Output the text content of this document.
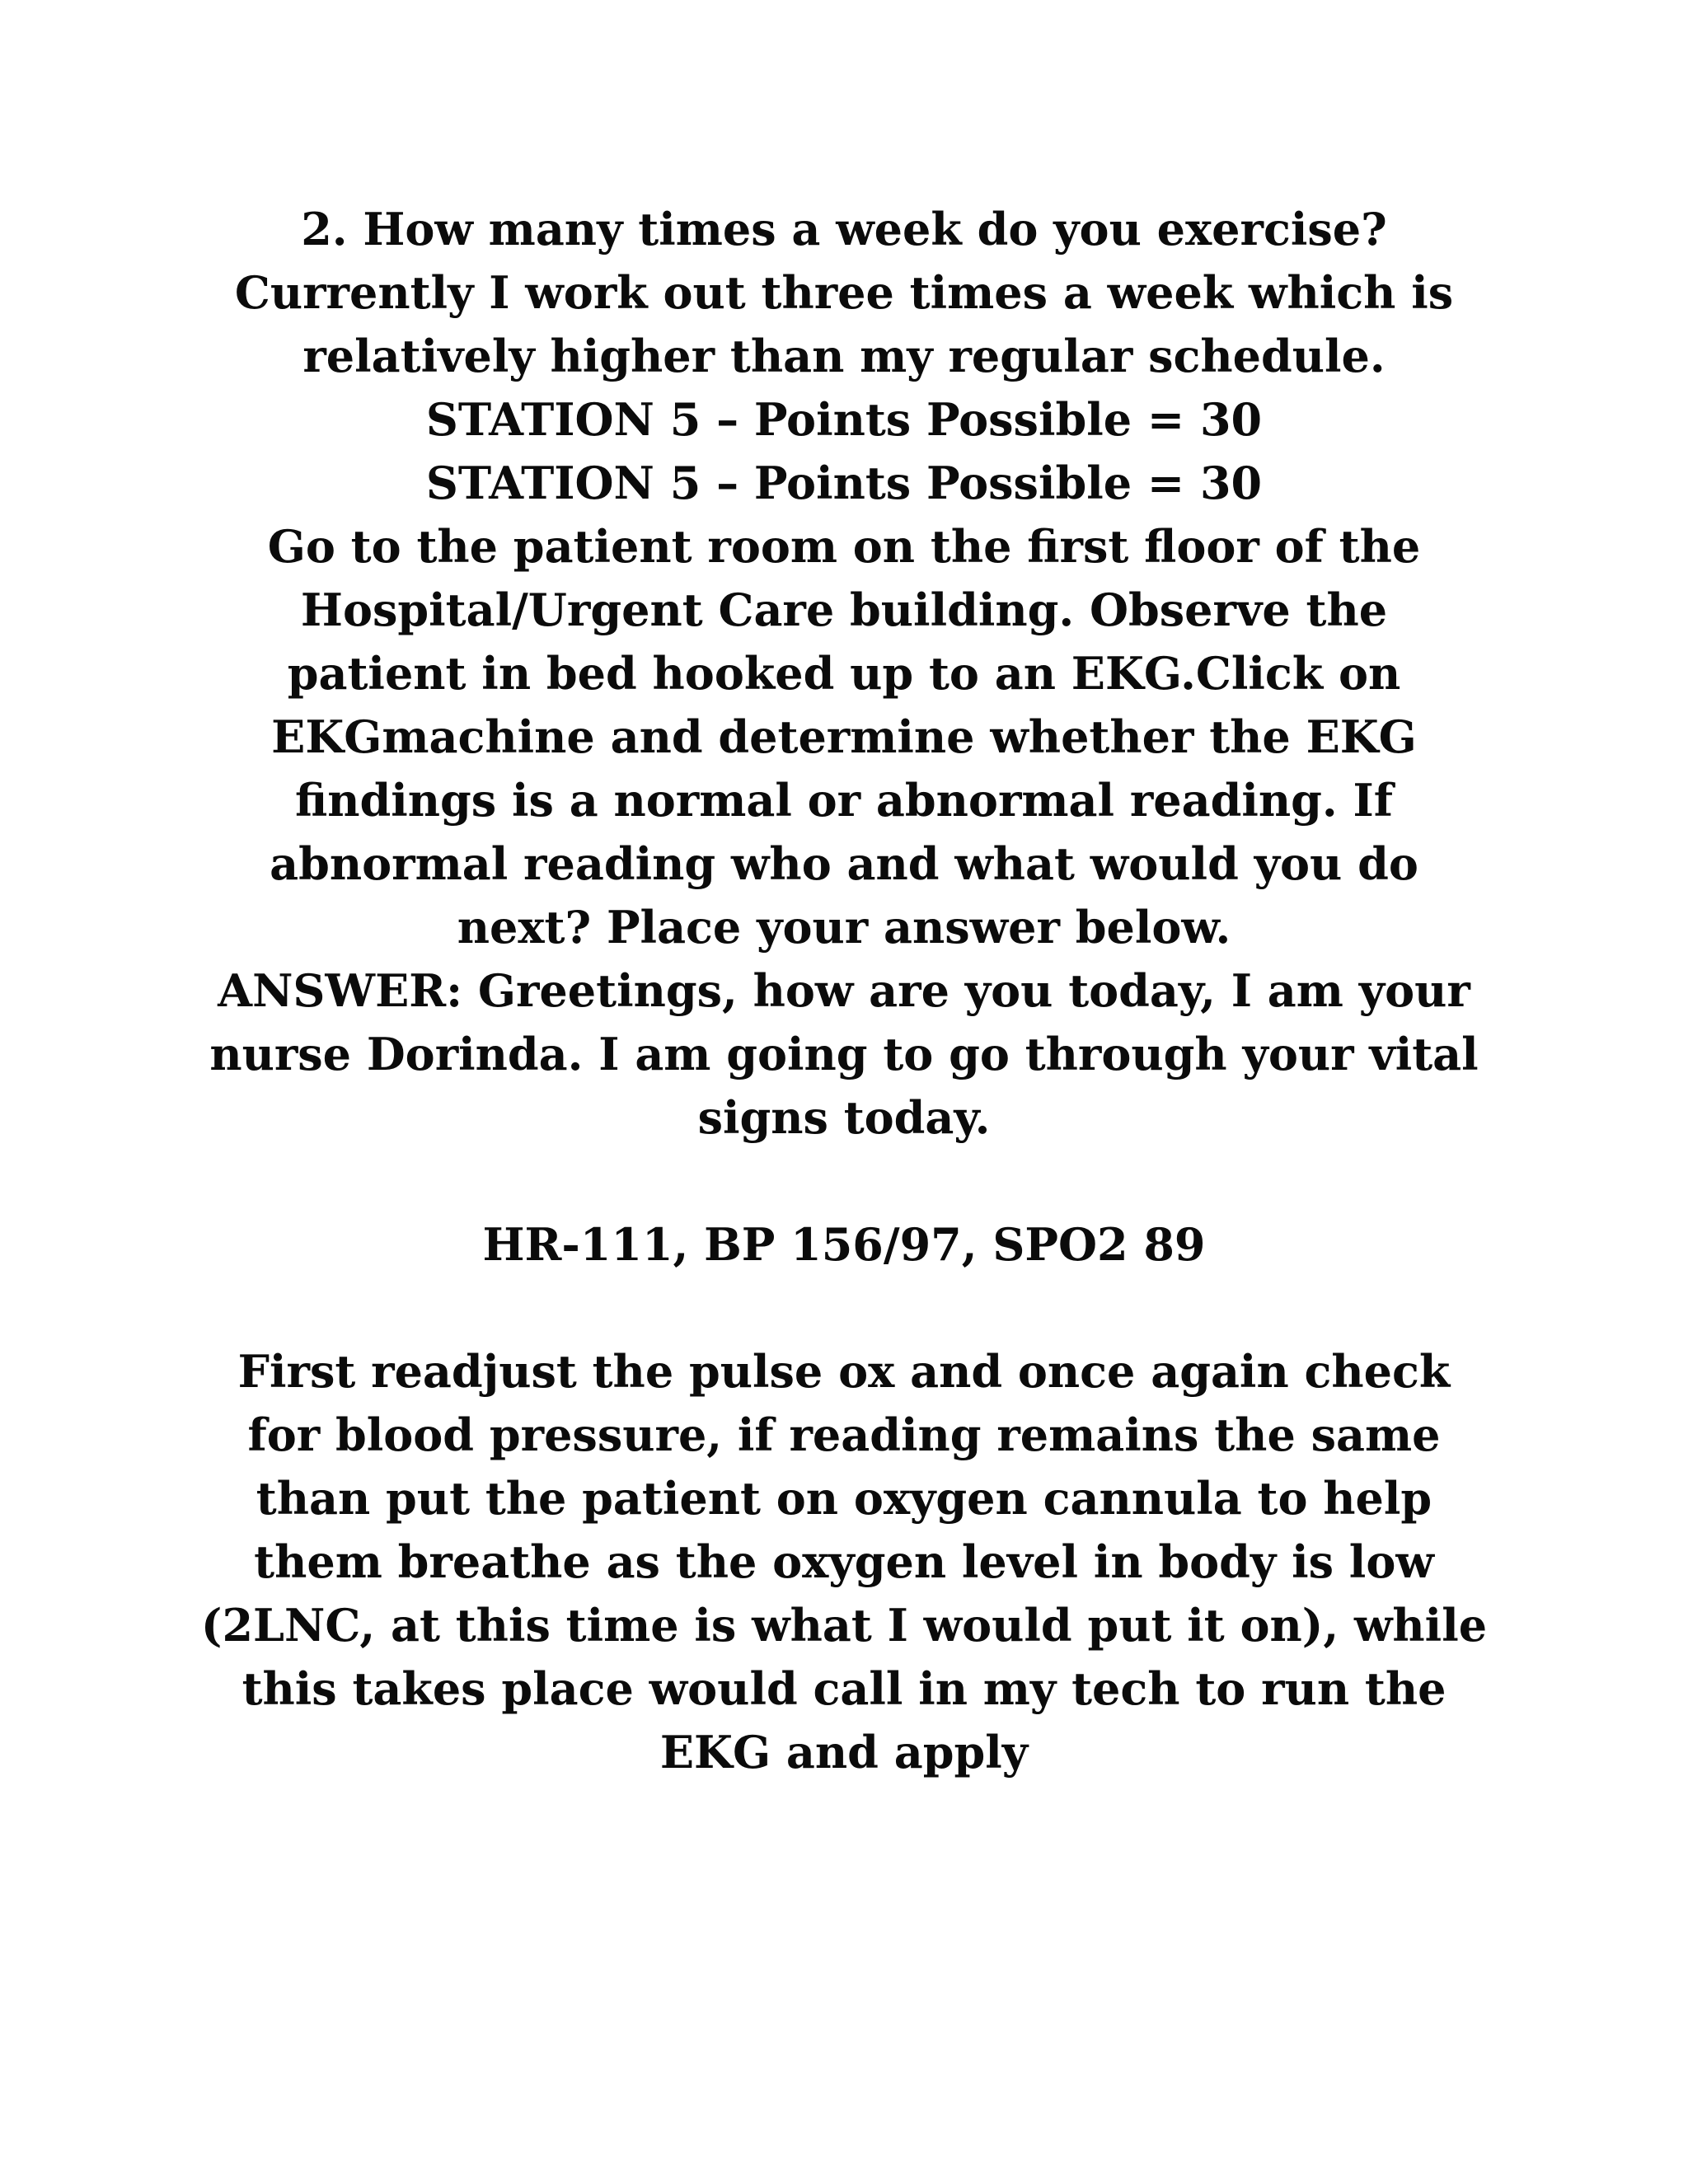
2. How many times a week do you exercise?

Currently I work out three times a week which is

relatively higher than my regular schedule.

STATION 5 – Points Possible = 30

STATION 5 – Points Possible = 30

Go to the patient room on the first floor of the

Hospital/Urgent Care building. Observe the

patient in bed hooked up to an EKG.Click on

EKGmachine and determine whether the EKG

findings is a normal or abnormal reading. If

abnormal reading who and what would you do

next? Place your answer below.

ANSWER: Greetings, how are you today, I am your

nurse Dorinda. I am going to go through your vital

signs today.

HR-111, BP 156/97, SPO2 89

First readjust the pulse ox and once again check

for blood pressure, if reading remains the same

than put the patient on oxygen cannula to help

them breathe as the oxygen level in body is low

(2LNC, at this time is what I would put it on), while

this takes place would call in my tech to run the

EKG and apply
